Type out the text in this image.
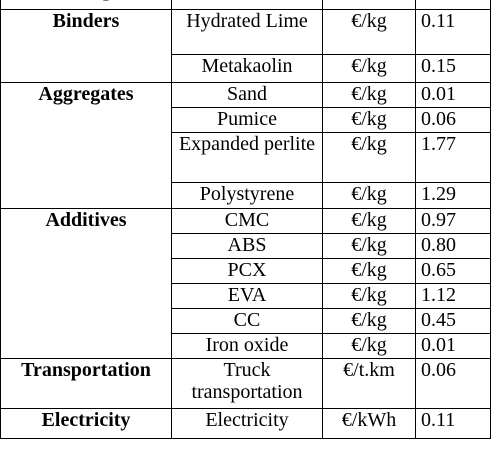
Binders	Hydrated Lime	€/kg	0.11
	Metakaolin	€/kg	0.15
Aggregates	Sand	€/kg	0.01
	Pumice	€/kg	0.06
	Expanded perlite	€/kg	1.77
	Polystyrene	€/kg	1.29
Additives	CMC	€/kg	0.97
	ABS	€/kg	0.80
	PCX	€/kg	0.65
	EVA	€/kg	1.12
	CC	€/kg	0.45
	Iron oxide	€/kg	0.01
Transportation	Truck transportation	€/t.km	0.06
Electricity	Electricity	€/kWh	0.11
